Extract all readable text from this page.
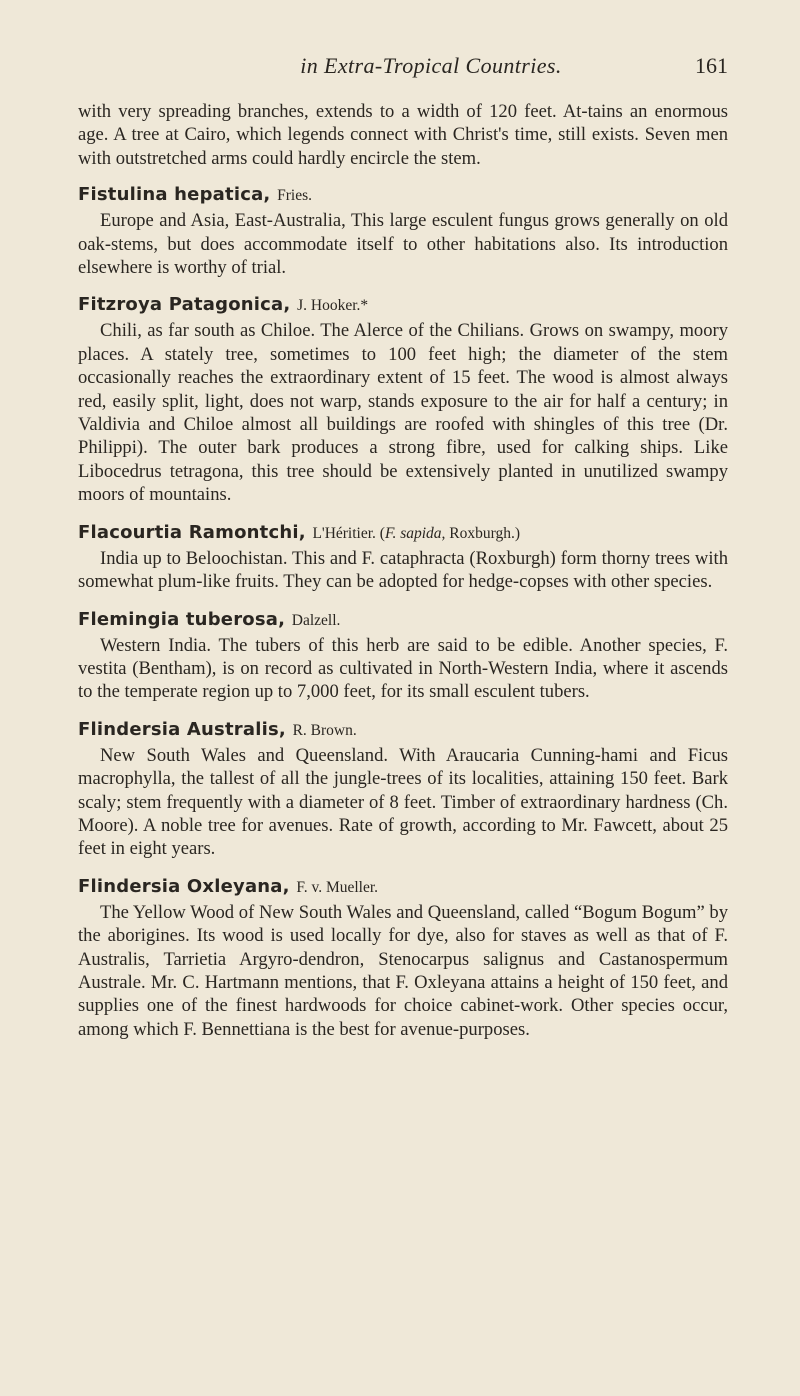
in Extra-Tropical Countries.	161

with very spreading branches, extends to a width of 120 feet. At-tains an enormous age. A tree at Cairo, which legends connect with Christ's time, still exists. Seven men with outstretched arms could hardly encircle the stem.

Fistulina hepatica, Fries.

Europe and Asia, East-Australia, This large esculent fungus grows generally on old oak-stems, but does accommodate itself to other habitations also. Its introduction elsewhere is worthy of trial.

Fitzroya Patagonica, J. Hooker.*

Chili, as far south as Chiloe. The Alerce of the Chilians. Grows on swampy, moory places. A stately tree, sometimes to 100 feet high; the diameter of the stem occasionally reaches the extraordinary extent of 15 feet. The wood is almost always red, easily split, light, does not warp, stands exposure to the air for half a century; in Valdivia and Chiloe almost all buildings are roofed with shingles of this tree (Dr. Philippi). The outer bark produces a strong fibre, used for calking ships. Like Libocedrus tetragona, this tree should be extensively planted in unutilized swampy moors of mountains.

Flacourtia Ramontchi, L'Héritier. (F. sapida, Roxburgh.)

India up to Beloochistan. This and F. cataphracta (Roxburgh) form thorny trees with somewhat plum-like fruits. They can be adopted for hedge-copses with other species.

Flemingia tuberosa, Dalzell.

Western India. The tubers of this herb are said to be edible. Another species, F. vestita (Bentham), is on record as cultivated in North-Western India, where it ascends to the temperate region up to 7,000 feet, for its small esculent tubers.

Flindersia Australis, R. Brown.

New South Wales and Queensland. With Araucaria Cunning-hami and Ficus macrophylla, the tallest of all the jungle-trees of its localities, attaining 150 feet. Bark scaly; stem frequently with a diameter of 8 feet. Timber of extraordinary hardness (Ch. Moore). A noble tree for avenues. Rate of growth, according to Mr. Fawcett, about 25 feet in eight years.

Flindersia Oxleyana, F. v. Mueller.

The Yellow Wood of New South Wales and Queensland, called “Bogum Bogum” by the aborigines. Its wood is used locally for dye, also for staves as well as that of F. Australis, Tarrietia Argyro-dendron, Stenocarpus salignus and Castanospermum Australe. Mr. C. Hartmann mentions, that F. Oxleyana attains a height of 150 feet, and supplies one of the finest hardwoods for choice cabinet-work. Other species occur, among which F. Bennettiana is the best for avenue-purposes.
